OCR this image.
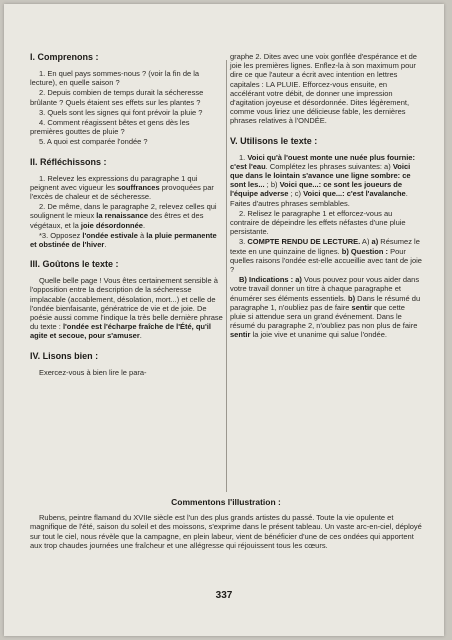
I. Comprenons :

1. En quel pays sommes-nous ? (voir la fin de la lecture), en quelle saison ?

2. Depuis combien de temps durait la sécheresse brûlante ? Quels étaient ses effets sur les plantes ?

3. Quels sont les signes qui font prévoir la pluie ?

4. Comment réagissent bêtes et gens dès les premières gouttes de pluie ?

5. A quoi est comparée l'ondée ?

II. Réfléchissons :

1. Relevez les expressions du paragraphe 1 qui peignent avec vigueur les souffrances provoquées par l'excès de chaleur et de sécheresse.

2. De même, dans le paragraphe 2, relevez celles qui soulignent le mieux la renaissance des êtres et des végétaux, et la joie désordonnée.

*3. Opposez l'ondée estivale à la pluie permanente et obstinée de l'hiver.

III. Goûtons le texte :

Quelle belle page ! Vous êtes certainement sensible à l'opposition entre la description de la sécheresse implacable (accablement, désolation, mort...) et celle de l'ondée bienfaisante, génératrice de vie et de joie. De poésie aussi comme l'indique la très belle dernière phrase du texte : l'ondée est l'écharpe fraîche de l'Été, qu'il agite et secoue, pour s'amuser.

IV. Lisons bien :

Exercez-vous à bien lire le para-

graphe 2. Dites avec une voix gonflée d'espérance et de joie les premières lignes. Enflez-la à son maximum pour dire ce que l'auteur a écrit avec intention en lettres capitales : LA PLUIE. Efforcez-vous ensuite, en accélérant votre débit, de donner une impression d'agitation joyeuse et désordonnée. Dites légèrement, comme vous liriez une délicieuse fable, les dernières phrases relatives à l'ONDÉE.

V. Utilisons le texte :

1. Voici qu'à l'ouest monte une nuée plus fournie: c'est l'eau. Complétez les phrases suivantes: a) Voici que dans le lointain s'avance une ligne sombre: ce sont les... ; b) Voici que...: ce sont les joueurs de l'équipe adverse ; c) Voici que...: c'est l'avalanche. Faites d'autres phrases semblables.

2. Relisez le paragraphe 1 et efforcez-vous au contraire de dépeindre les effets néfastes d'une pluie persistante.

3. COMPTE RENDU DE LECTURE. A) a) Résumez le texte en une quinzaine de lignes. b) Question : Pour quelles raisons l'ondée est-elle accueillie avec tant de joie ?

B) Indications : a) Vous pouvez pour vous aider dans votre travail donner un titre à chaque paragraphe et énumérer ses éléments essentiels. b) Dans le résumé du paragraphe 1, n'oubliez pas de faire sentir que cette pluie si attendue sera un grand événement. Dans le résumé du paragraphe 2, n'oubliez pas non plus de faire sentir la joie vive et unanime qui salue l'ondée.

Commentons l'illustration :

Rubens, peintre flamand du XVIIe siècle est l'un des plus grands artistes du passé. Toute la vie opulente et magnifique de l'été, saison du soleil et des moissons, s'exprime dans le présent tableau. Un vaste arc-en-ciel, déployé sur tout le ciel, nous révèle que la campagne, en plein labeur, vient de bénéficier d'une de ces ondées qui apportent aux trop chaudes journées une fraîcheur et une allégresse qui réjouissent tous les cœurs.

337
